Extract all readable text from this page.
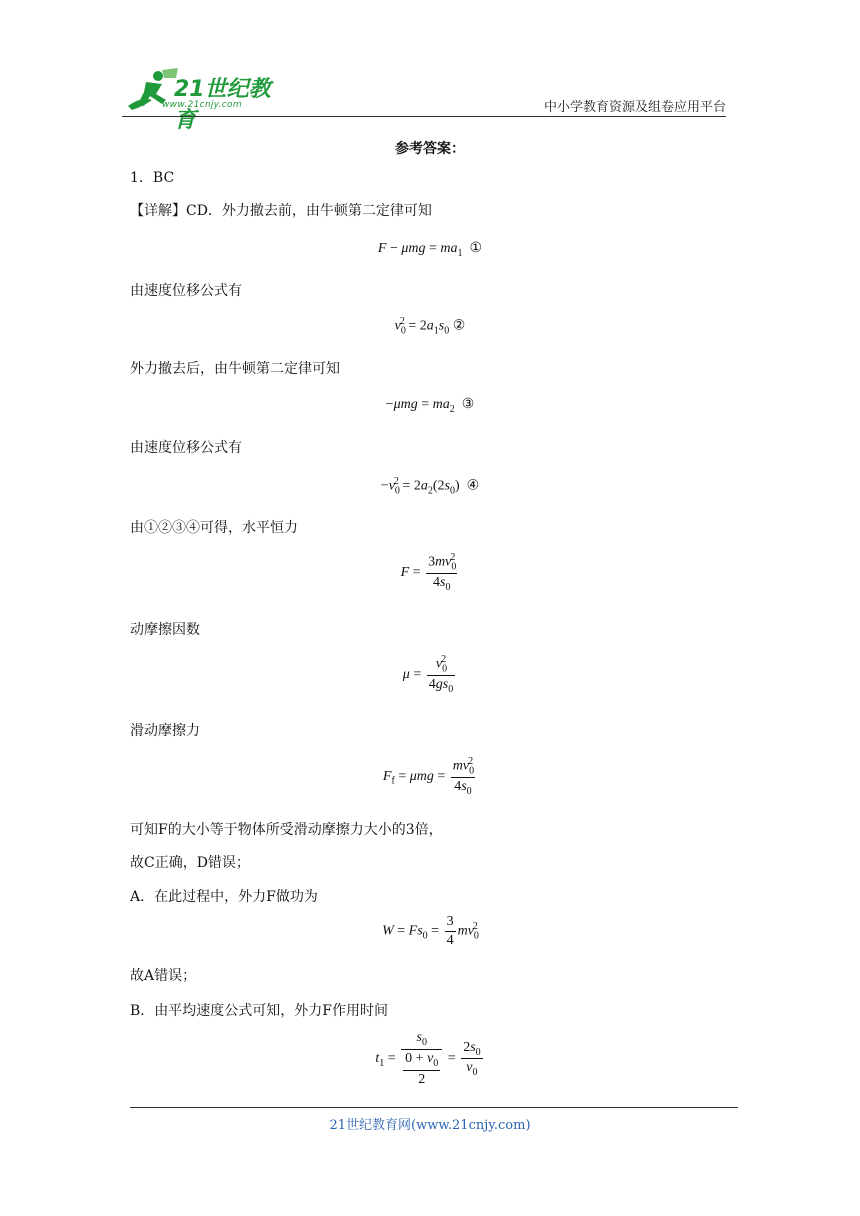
21世纪教育
www.21cnjy.com	中小学教育资源及组卷应用平台
参考答案：
1．BC
【详解】CD．外力撤去前，由牛顿第二定律可知
$F - \mu mg = ma_1$ ①
由速度位移公式有
$v_0^2 = 2a_1s_0$ ②
外力撤去后，由牛顿第二定律可知
$-\mu mg = ma_2$ ③
由速度位移公式有
$-v_0^2 = 2a_2(2s_0)$  ④
由①②③④可得，水平恒力
$F = \frac{3mv_0^2}{4s_0}$
动摩擦因数
$\mu = \frac{v_0^2}{4gs_0}$
滑动摩擦力
$F_f = \mu mg = \frac{mv_0^2}{4s_0}$
可知F的大小等于物体所受滑动摩擦力大小的3倍，
故C正确，D错误；
A．在此过程中，外力F做功为
$W = Fs_0 = \frac{3}{4} mv_0^2$
故A错误；
B．由平均速度公式可知，外力F作用时间
$t_1 = \frac{s_0}{\frac{0 + v_0}{2}} = \frac{2s_0}{v_0}$
21世纪教育网(www.21cnjy.com)
